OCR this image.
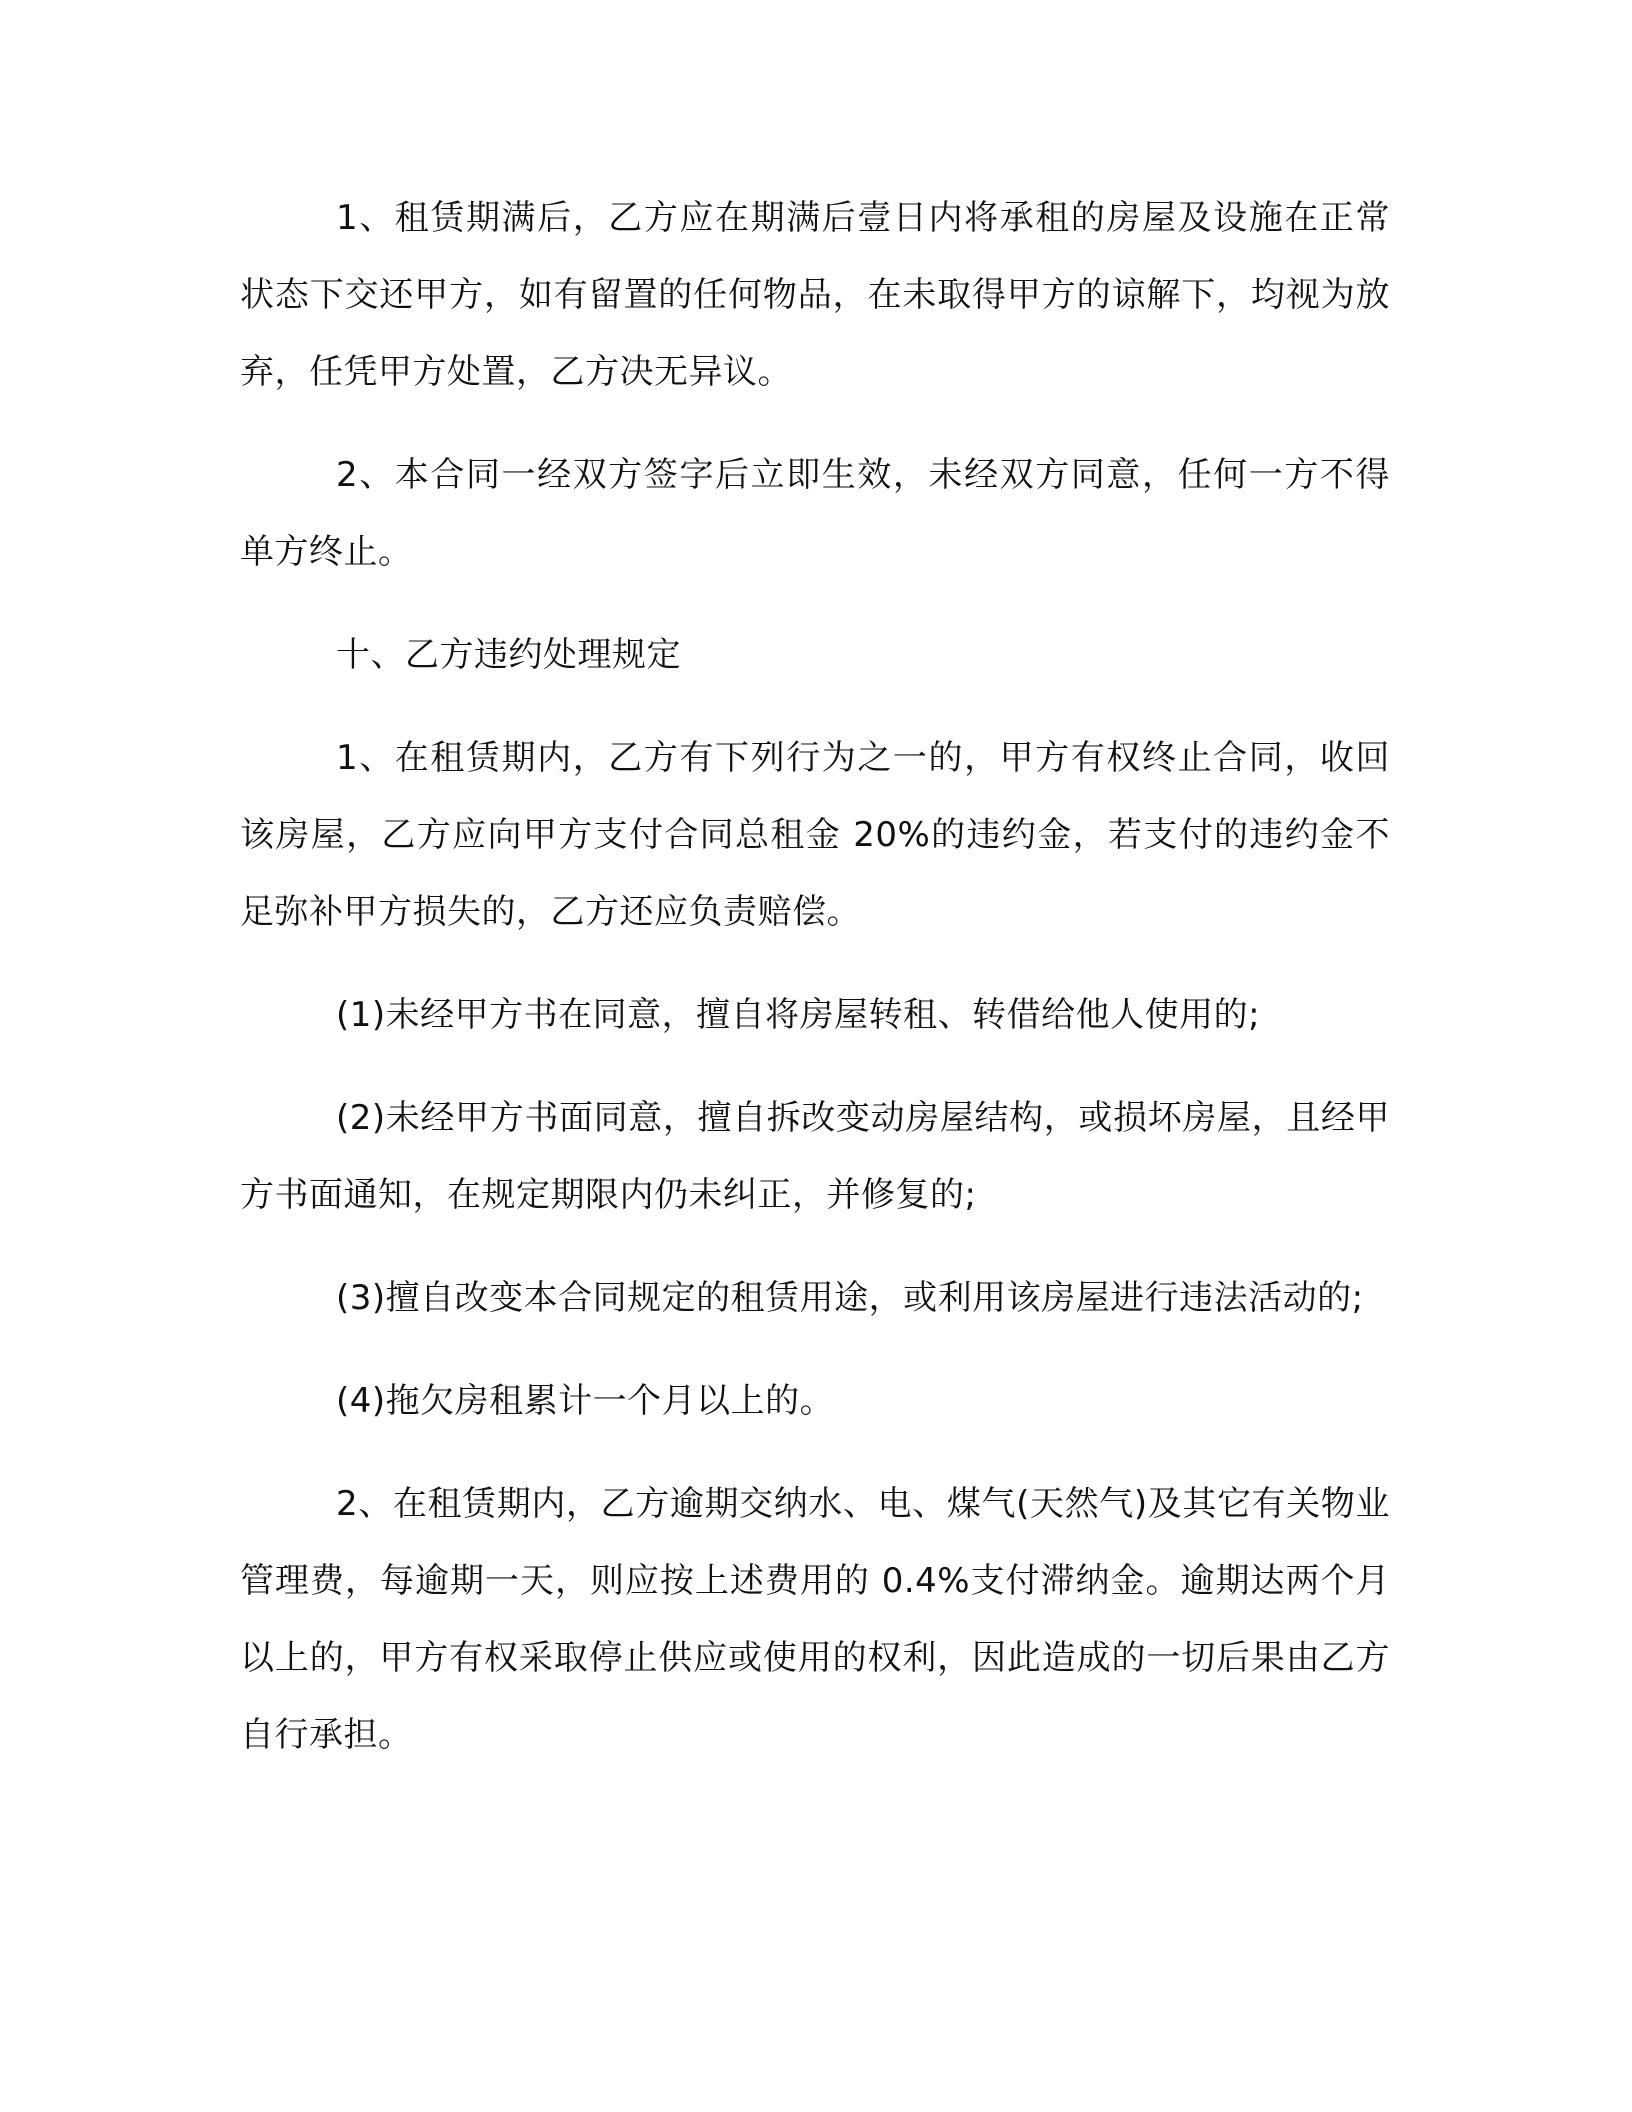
1、租赁期满后，乙方应在期满后壹日内将承租的房屋及设施在正常状态下交还甲方，如有留置的任何物品，在未取得甲方的谅解下，均视为放弃，任凭甲方处置，乙方决无异议。

2、本合同一经双方签字后立即生效，未经双方同意，任何一方不得单方终止。

十、乙方违约处理规定

1、在租赁期内，乙方有下列行为之一的，甲方有权终止合同，收回该房屋，乙方应向甲方支付合同总租金 20%的违约金，若支付的违约金不足弥补甲方损失的，乙方还应负责赔偿。

(1)未经甲方书在同意，擅自将房屋转租、转借给他人使用的;

(2)未经甲方书面同意，擅自拆改变动房屋结构，或损坏房屋，且经甲方书面通知，在规定期限内仍未纠正，并修复的;

(3)擅自改变本合同规定的租赁用途，或利用该房屋进行违法活动的;

(4)拖欠房租累计一个月以上的。

2、在租赁期内，乙方逾期交纳水、电、煤气(天然气)及其它有关物业管理费，每逾期一天，则应按上述费用的 0.4%支付滞纳金。逾期达两个月以上的，甲方有权采取停止供应或使用的权利，因此造成的一切后果由乙方自行承担。
